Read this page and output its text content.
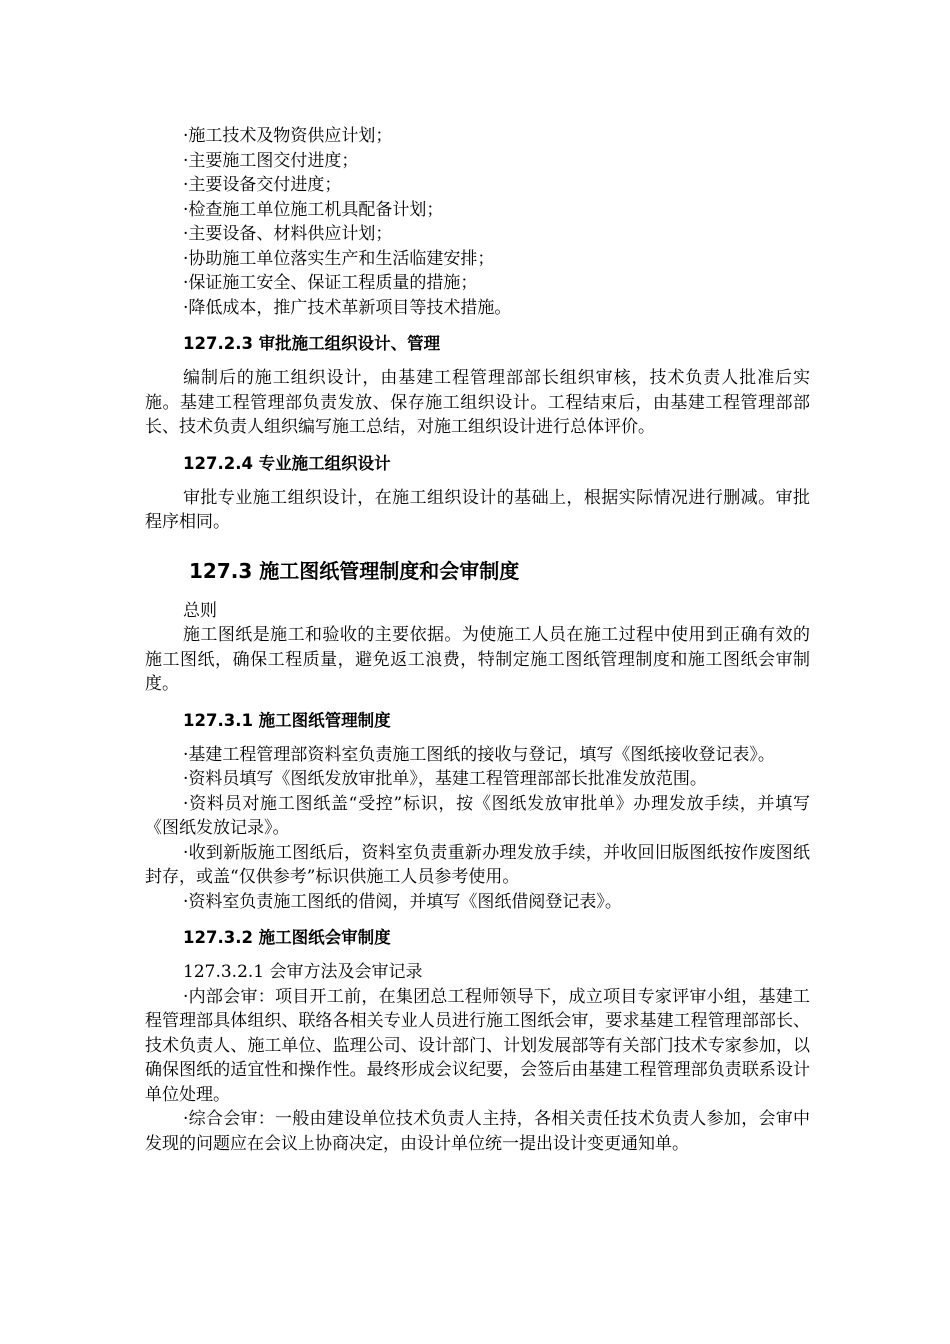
·施工技术及物资供应计划；
·主要施工图交付进度；
·主要设备交付进度；
·检查施工单位施工机具配备计划；
·主要设备、材料供应计划；
·协助施工单位落实生产和生活临建安排；
·保证施工安全、保证工程质量的措施；
·降低成本，推广技术革新项目等技术措施。
127.2.3 审批施工组织设计、管理
编制后的施工组织设计，由基建工程管理部部长组织审核，技术负责人批准后实施。基建工程管理部负责发放、保存施工组织设计。工程结束后，由基建工程管理部部长、技术负责人组织编写施工总结，对施工组织设计进行总体评价。
127.2.4 专业施工组织设计
审批专业施工组织设计，在施工组织设计的基础上，根据实际情况进行删减。审批程序相同。
127.3 施工图纸管理制度和会审制度
总则
施工图纸是施工和验收的主要依据。为使施工人员在施工过程中使用到正确有效的施工图纸，确保工程质量，避免返工浪费，特制定施工图纸管理制度和施工图纸会审制度。
127.3.1 施工图纸管理制度
·基建工程管理部资料室负责施工图纸的接收与登记，填写《图纸接收登记表》。
·资料员填写《图纸发放审批单》，基建工程管理部部长批准发放范围。
·资料员对施工图纸盖“受控”标识，按《图纸发放审批单》办理发放手续，并填写《图纸发放记录》。
·收到新版施工图纸后，资料室负责重新办理发放手续，并收回旧版图纸按作废图纸封存，或盖“仅供参考”标识供施工人员参考使用。
·资料室负责施工图纸的借阅，并填写《图纸借阅登记表》。
127.3.2 施工图纸会审制度
127.3.2.1 会审方法及会审记录
·内部会审：项目开工前，在集团总工程师领导下，成立项目专家评审小组，基建工程管理部具体组织、联络各相关专业人员进行施工图纸会审，要求基建工程管理部部长、技术负责人、施工单位、监理公司、设计部门、计划发展部等有关部门技术专家参加，以确保图纸的适宜性和操作性。最终形成会议纪要，会签后由基建工程管理部负责联系设计单位处理。
·综合会审：一般由建设单位技术负责人主持，各相关责任技术负责人参加，会审中发现的问题应在会议上协商决定，由设计单位统一提出设计变更通知单。
